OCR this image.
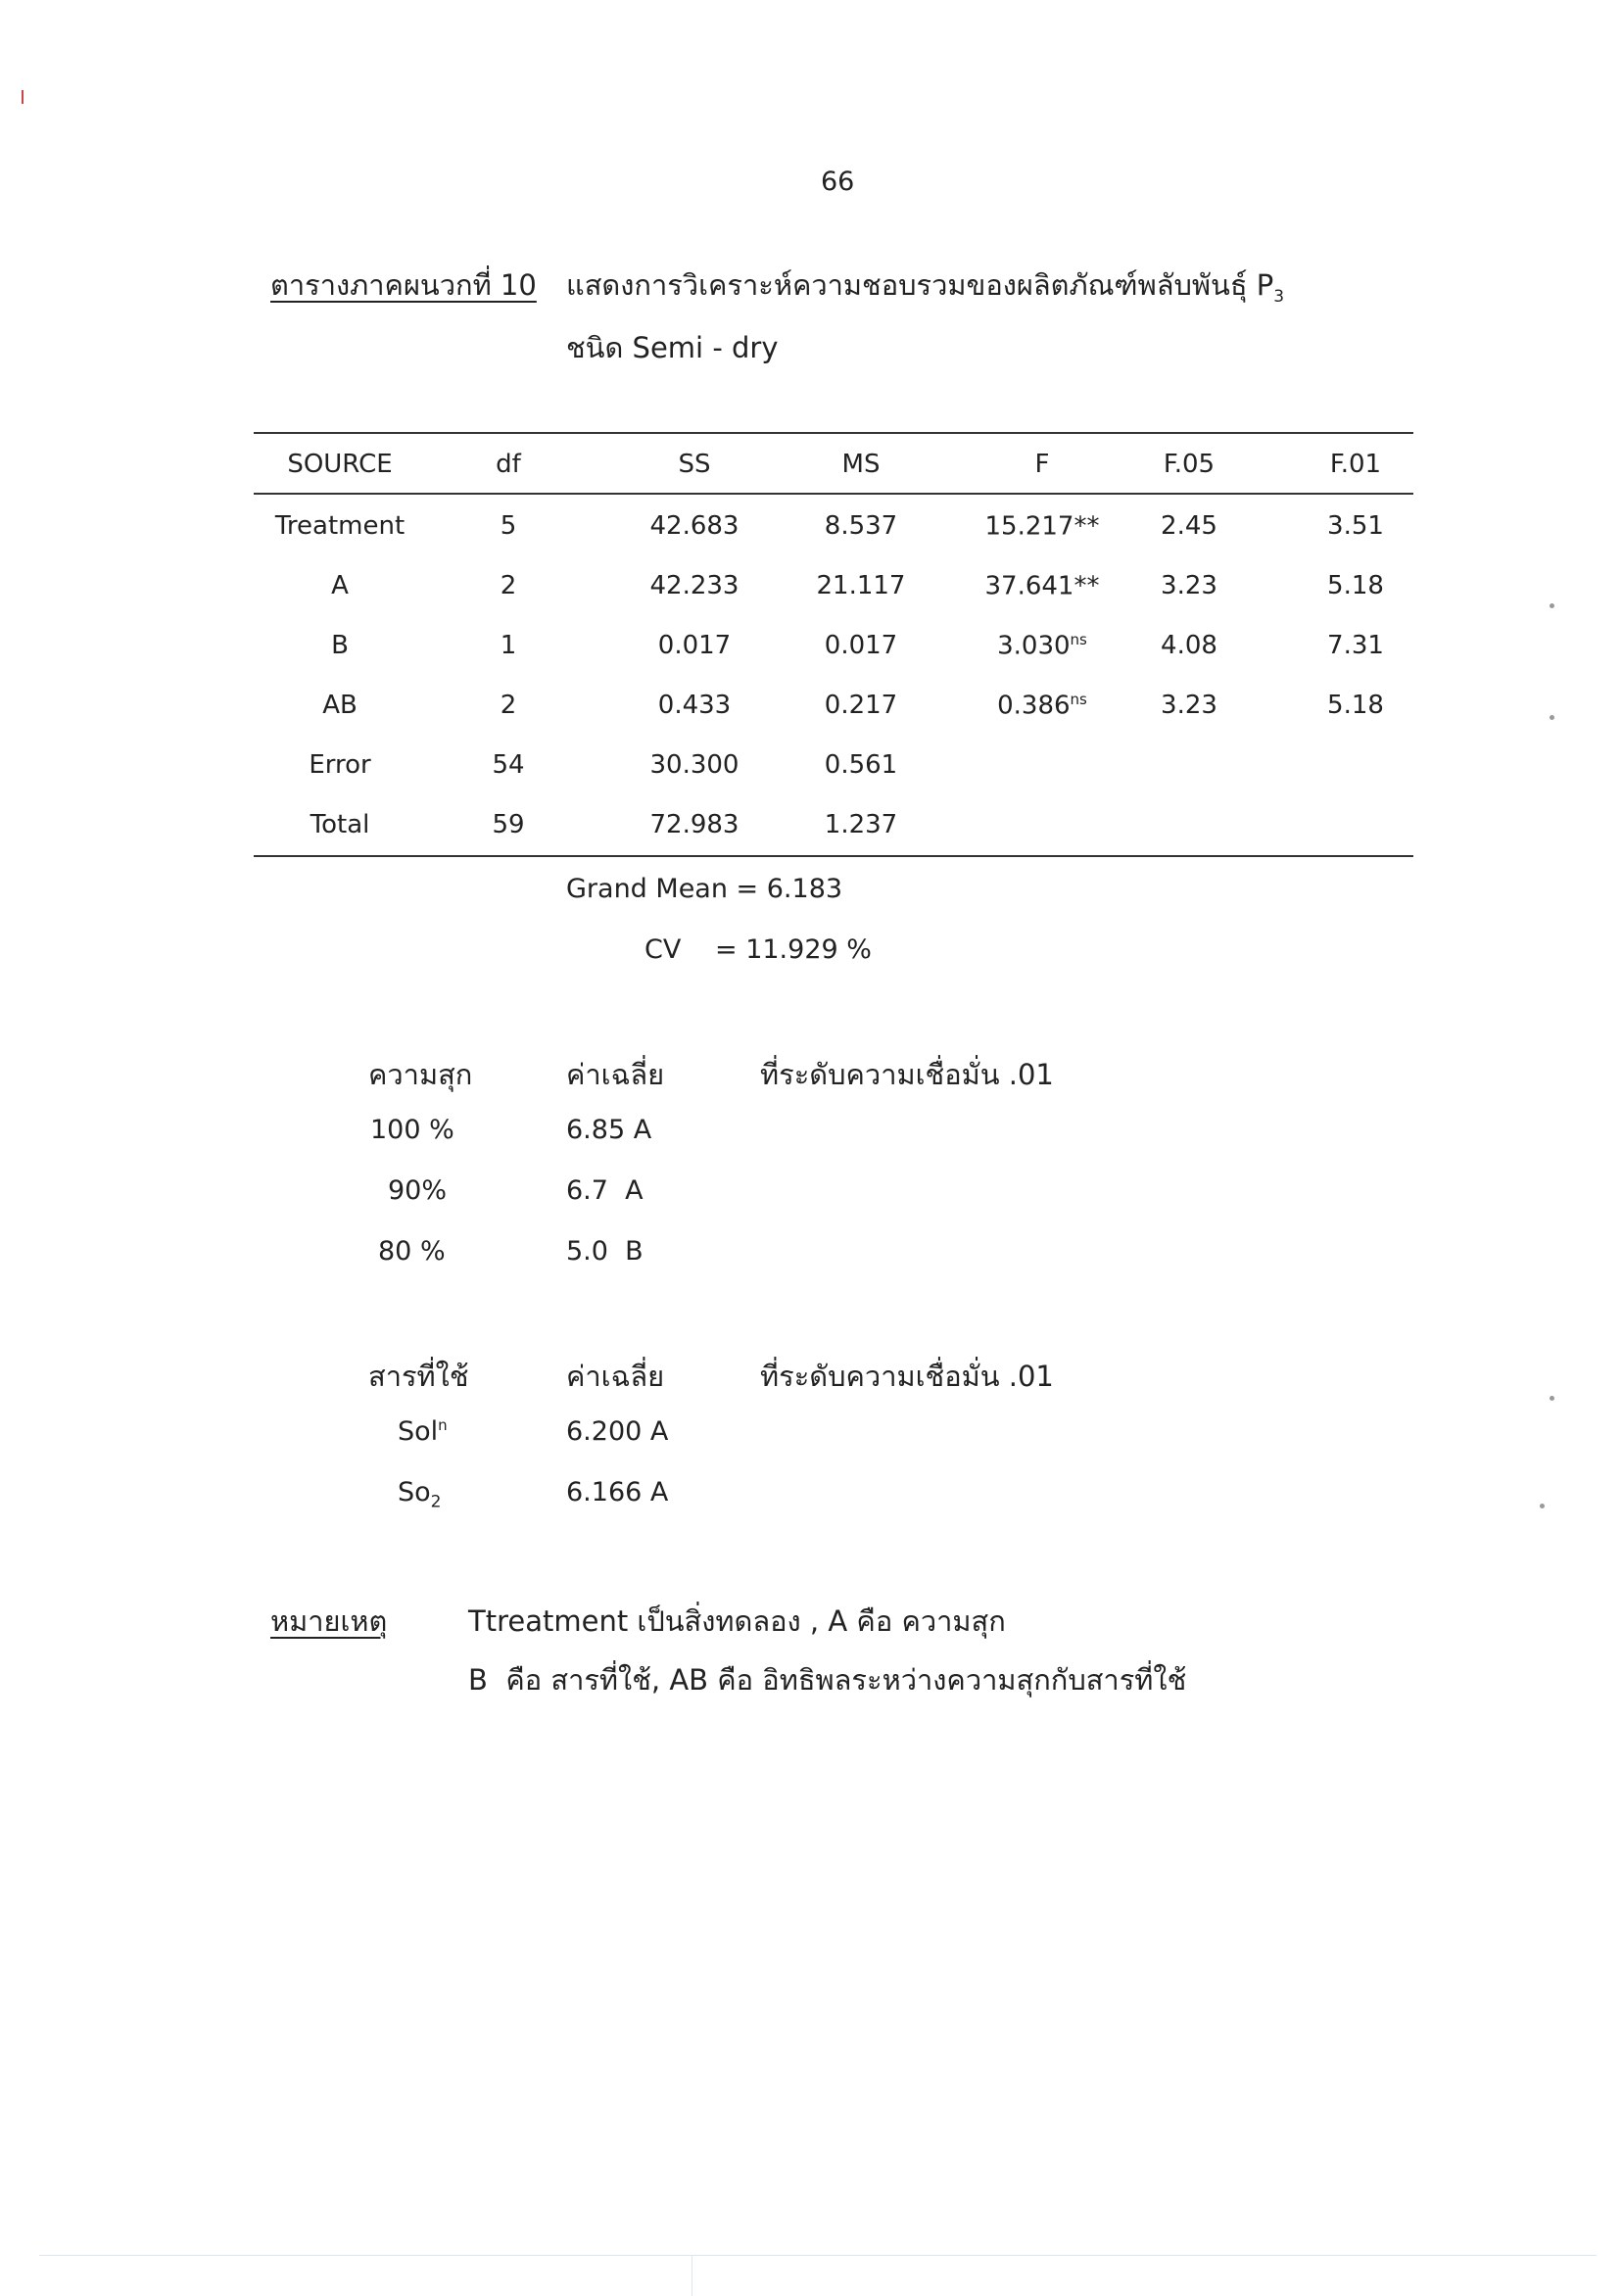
66
ตารางภาคผนวกที่ 10 แสดงการวิเคราะห์ความชอบรวมของผลิตภัณฑ์พลับพันธุ์ $P_3$
ชนิด Semi - dry
SOURCE	df	SS	MS	F	F.05	F.01
Treatment	5	42.683	8.537	15.217**	2.45	3.51
A	2	42.233	21.117	37.641**	3.23	5.18
B	1	0.017	0.017	$3.030^{ns}$	4.08	7.31
AB	2	0.433	0.217	$0.386^{ns}$	3.23	5.18
Error	54	30.300	0.561
Total	59	72.983	1.237
Grand Mean = 6.183
CV = 11.929 %
ความสุก	ค่าเฉลี่ย	ที่ระดับความเชื่อมั่น .01
100 %	6.85 A
90%	6.7  A
80 %	5.0  B
สารที่ใช้	ค่าเฉลี่ย	ที่ระดับความเชื่อมั่น .01
Sol$^n$	6.200 A
$So_2$	6.166 A
หมายเหตุ	Ttreatment เป็นสิ่งทดลอง , A คือ ความสุก
B  คือ สารที่ใช้, AB คือ อิทธิพลระหว่างความสุกกับสารที่ใช้
